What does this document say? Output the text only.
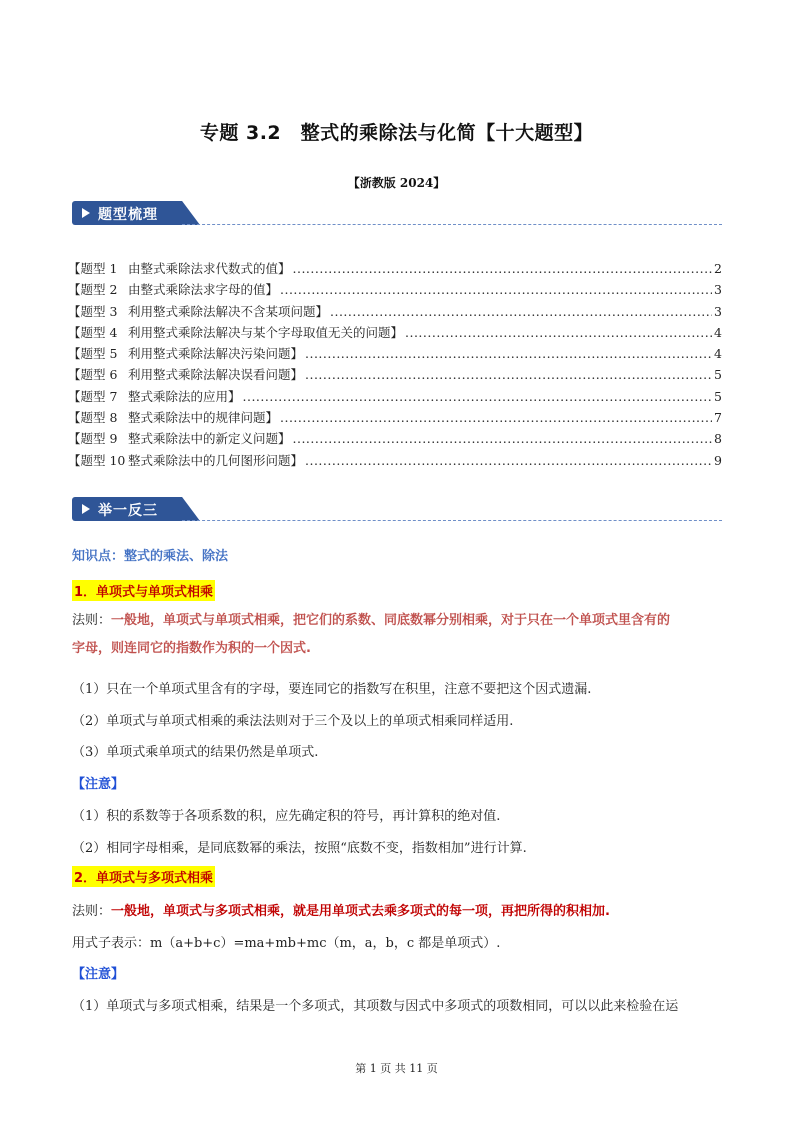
专题 3.2　整式的乘除法与化简【十大题型】
【浙教版 2024】
题型梳理
【题型 1 由整式乘除法求代数式的值】 .....	2
【题型 2 由整式乘除法求字母的值】 .....	3
【题型 3 利用整式乘除法解决不含某项问题】 .....	3
【题型 4 利用整式乘除法解决与某个字母取值无关的问题】 .....	4
【题型 5 利用整式乘除法解决污染问题】 .....	4
【题型 6 利用整式乘除法解决误看问题】 .....	5
【题型 7 整式乘除法的应用】 .....	5
【题型 8 整式乘除法中的规律问题】 .....	7
【题型 9 整式乘除法中的新定义问题】 .....	8
【题型 10 整式乘除法中的几何图形问题】 .....	9
举一反三
知识点：整式的乘法、除法
1．单项式与单项式相乘
法则：一般地，单项式与单项式相乘，把它们的系数、同底数幂分别相乘，对于只在一个单项式里含有的
字母，则连同它的指数作为积的一个因式.
（1）只在一个单项式里含有的字母，要连同它的指数写在积里，注意不要把这个因式遗漏.
（2）单项式与单项式相乘的乘法法则对于三个及以上的单项式相乘同样适用.
（3）单项式乘单项式的结果仍然是单项式.
【注意】
（1）积的系数等于各项系数的积，应先确定积的符号，再计算积的绝对值.
（2）相同字母相乘，是同底数幂的乘法，按照“底数不变，指数相加”进行计算.
2．单项式与多项式相乘
法则：一般地，单项式与多项式相乘，就是用单项式去乘多项式的每一项，再把所得的积相加.
用式子表示：m（a+b+c）=ma+mb+mc（m，a，b，c 都是单项式）.
【注意】
（1）单项式与多项式相乘，结果是一个多项式，其项数与因式中多项式的项数相同，可以以此来检验在运
第 1 页 共 11 页
